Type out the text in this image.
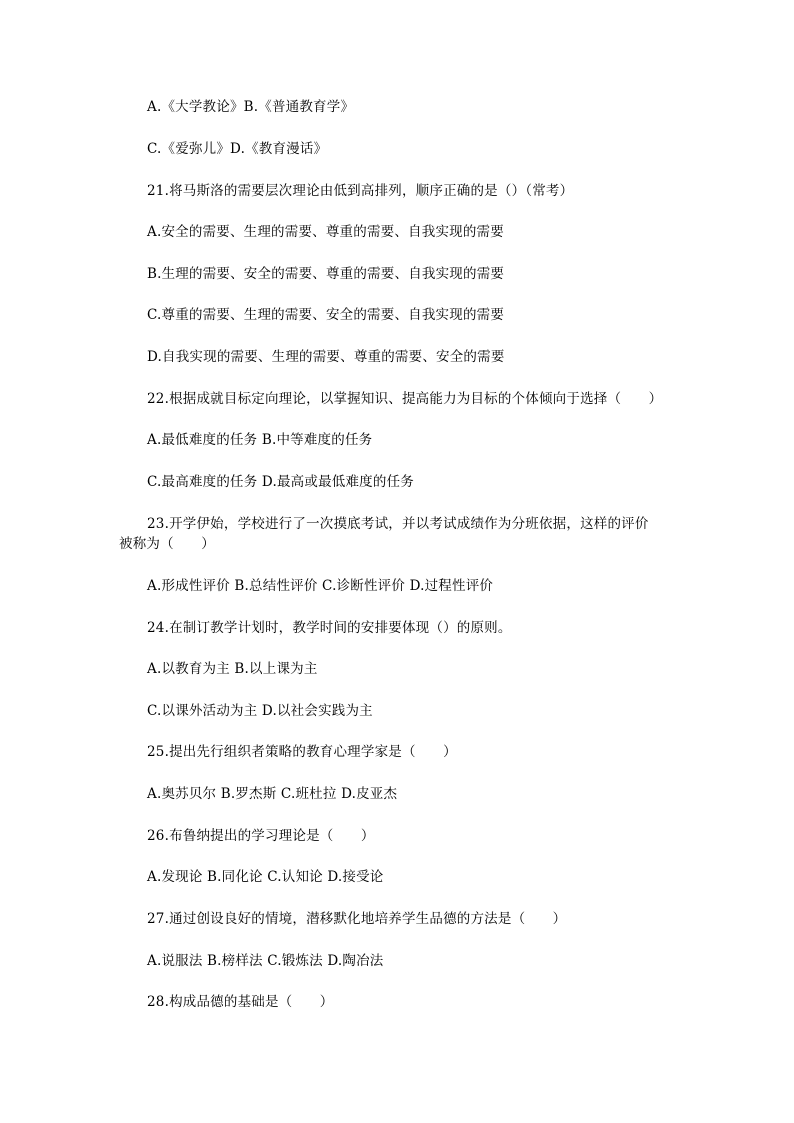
A.《大学教论》B.《普通教育学》
C.《爱弥儿》D.《教育漫话》
21.将马斯洛的需要层次理论由低到高排列，顺序正确的是（）（常考）
A.安全的需要、生理的需要、尊重的需要、自我实现的需要
B.生理的需要、安全的需要、尊重的需要、自我实现的需要
C.尊重的需要、生理的需要、安全的需要、自我实现的需要
D.自我实现的需要、生理的需要、尊重的需要、安全的需要
22.根据成就目标定向理论，以掌握知识、提高能力为目标的个体倾向于选择（　　）
A.最低难度的任务 B.中等难度的任务
C.最高难度的任务 D.最高或最低难度的任务
23.开学伊始，学校进行了一次摸底考试，并以考试成绩作为分班依据，这样的评价被称为（　　）
A.形成性评价 B.总结性评价 C.诊断性评价 D.过程性评价
24.在制订教学计划时，教学时间的安排要体现（）的原则。
A.以教育为主 B.以上课为主
C.以课外活动为主 D.以社会实践为主
25.提出先行组织者策略的教育心理学家是（　　）
A.奥苏贝尔 B.罗杰斯 C.班杜拉 D.皮亚杰
26.布鲁纳提出的学习理论是（　　）
A.发现论 B.同化论 C.认知论 D.接受论
27.通过创设良好的情境，潜移默化地培养学生品德的方法是（　　）
A.说服法 B.榜样法 C.锻炼法 D.陶冶法
28.构成品德的基础是（　　）
